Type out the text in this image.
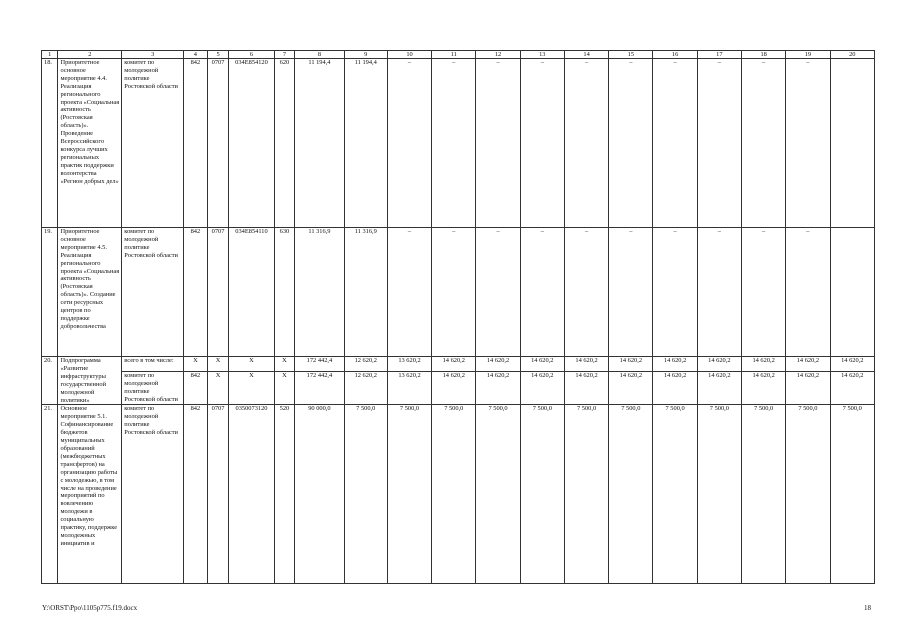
1	2	3	4	5	6	7	8	9	10	11	12	13	14	15	16	17	18	19	20
18.	Приоритетное основное мероприятие 4.4. Реализация регионального проекта «Социальная активность (Ростовская область)». Проведение Всероссийского конкурса лучших региональных практик поддержки волонтерства «Регион добрых дел»	комитет по молодежной политике Ростовской области	842	0707	034E854120	620	11 194,4	11 194,4	–	–	–	–	–	–	–	–	–	–	
19.	Приоритетное основное мероприятие 4.5. Реализация регионального проекта «Социальная активность (Ростовская область)». Создание сети ресурсных центров по поддержке добровольчества	комитет по молодежной политике Ростовской области	842	0707	034E854110	630	11 316,9	11 316,9	–	–	–	–	–	–	–	–	–	–	
20.	Подпрограмма «Развитие инфраструктуры государственной молодежной политики»	всего в том числе:	X	X	X	X	172 442,4	12 620,2	13 620,2	14 620,2	14 620,2	14 620,2	14 620,2	14 620,2	14 620,2	14 620,2	14 620,2	14 620,2	14 620,2
		комитет по молодежной политике Ростовской области	842	X	X	X	172 442,4	12 620,2	13 620,2	14 620,2	14 620,2	14 620,2	14 620,2	14 620,2	14 620,2	14 620,2	14 620,2	14 620,2	14 620,2
21.	Основное мероприятие 5.1. Софинансирование бюджетов муниципальных образований (межбюджетных трансфертов) на организацию работы с молодежью, в том числе на проведение мероприятий по вовлечению молодежи в социальную практику, поддержке молодежных инициатив и	комитет по молодежной политике Ростовской области	842	0707	0350073120	520	90 000,0	7 500,0	7 500,0	7 500,0	7 500,0	7 500,0	7 500,0	7 500,0	7 500,0	7 500,0	7 500,0	7 500,0	7 500,0
Y:\ORST\Ppo\1105p775.f19.docx	18
